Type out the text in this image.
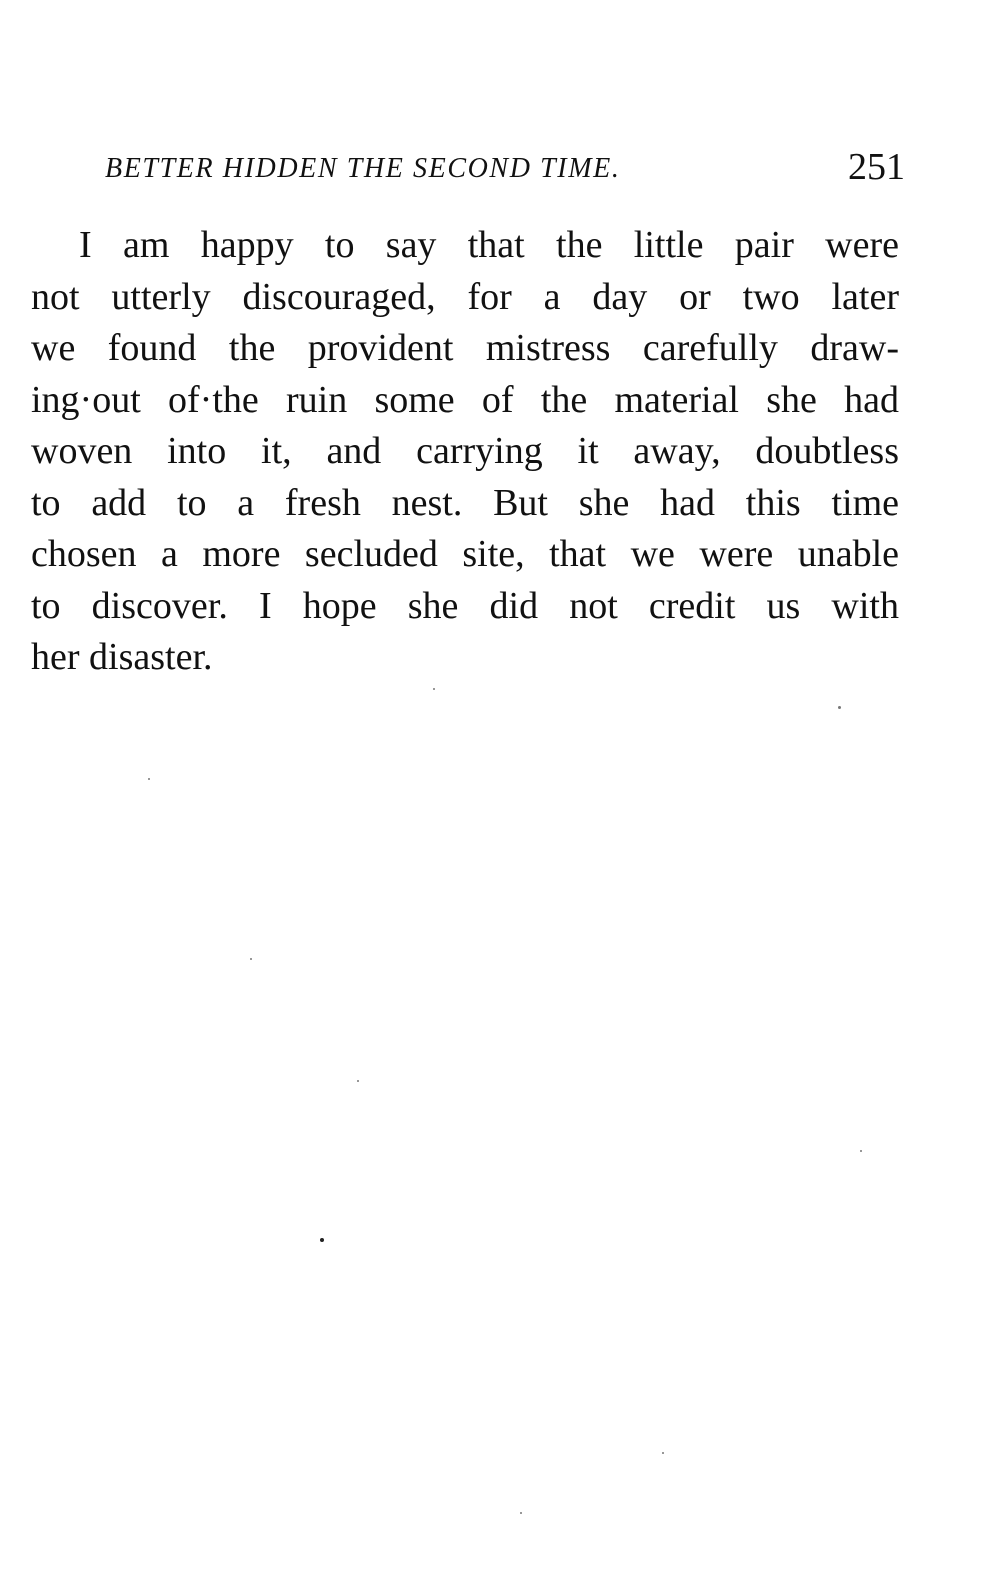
BETTER HIDDEN THE SECOND TIME.	251
I am happy to say that the little pair were
not utterly discouraged, for a day or two later
we found the provident mistress carefully draw-
ing·out of·the ruin some of the material she had
woven into it, and carrying it away, doubtless
to add to a fresh nest. But she had this time
chosen a more secluded site, that we were unable
to discover. I hope she did not credit us with
her disaster.
